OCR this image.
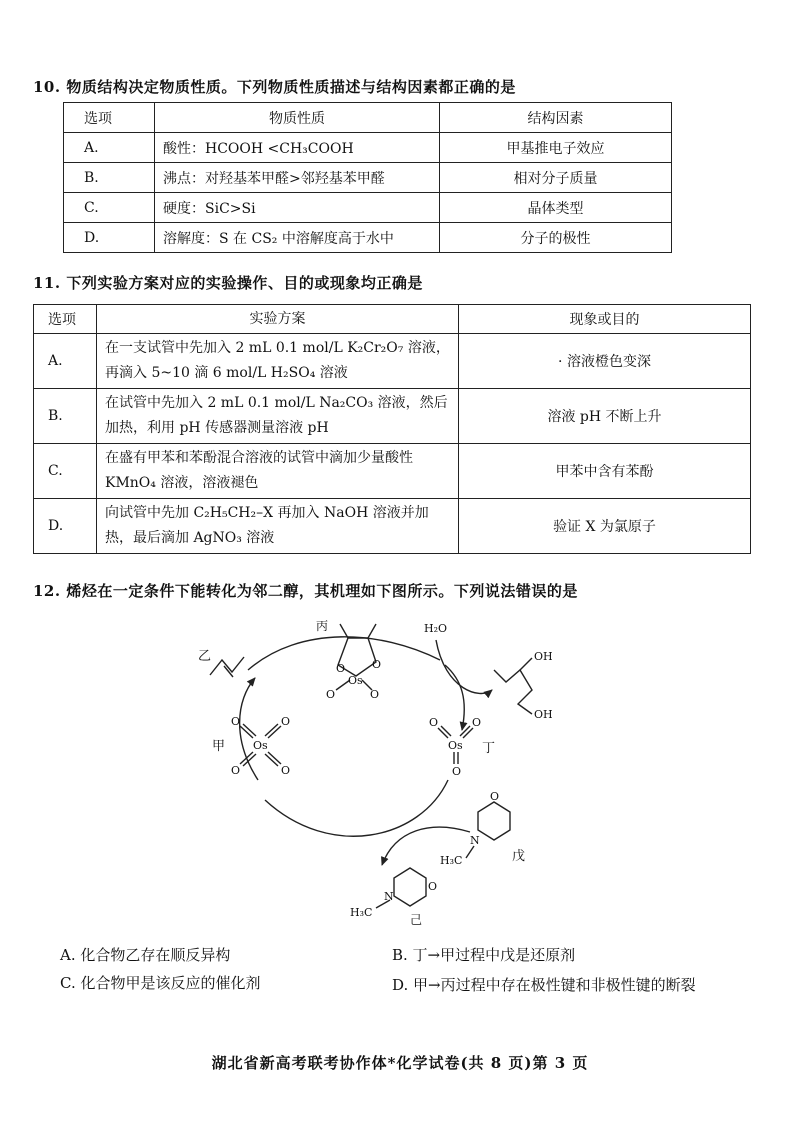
10. 物质结构决定物质性质。下列物质性质描述与结构因素都正确的是
选项	物质性质	结构因素
A.	酸性：HCOOH <CH₃COOH	甲基推电子效应
B.	沸点：对羟基苯甲醛>邻羟基苯甲醛	相对分子质量
C.	硬度：SiC>Si	晶体类型
D.	溶解度：S 在 CS₂ 中溶解度高于水中	分子的极性
11. 下列实验方案对应的实验操作、目的或现象均正确是
选项	实验方案	现象或目的
A.	在一支试管中先加入 2 mL 0.1 mol/L K₂Cr₂O₇ 溶液，再滴入 5~10 滴 6 mol/L H₂SO₄ 溶液	· 溶液橙色变深
B.	在试管中先加入 2 mL 0.1 mol/L Na₂CO₃ 溶液，然后加热，利用 pH 传感器测量溶液 pH	溶液 pH 不断上升
C.	在盛有甲苯和苯酚混合溶液的试管中滴加少量酸性 KMnO₄ 溶液，溶液褪色	甲苯中含有苯酚
D.	向试管中先加 C₂H₅CH₂–X 再加入 NaOH 溶液并加热，最后滴加 AgNO₃ 溶液	验证 X 为氯原子
12. 烯烃在一定条件下能转化为邻二醇，其机理如下图所示。下列说法错误的是
乙
丙
O O
Os
O	O
甲	Os
O	O
O	O
丁
Os
O	O
O
H₂O
OH
OH
戊
O
N
H₃C
己
O
N
H₃C
A. 化合物乙存在顺反异构	B. 丁→甲过程中戊是还原剂
C. 化合物甲是该反应的催化剂	D. 甲→丙过程中存在极性键和非极性键的断裂
湖北省新高考联考协作体*化学试卷(共 8 页)第 3 页
